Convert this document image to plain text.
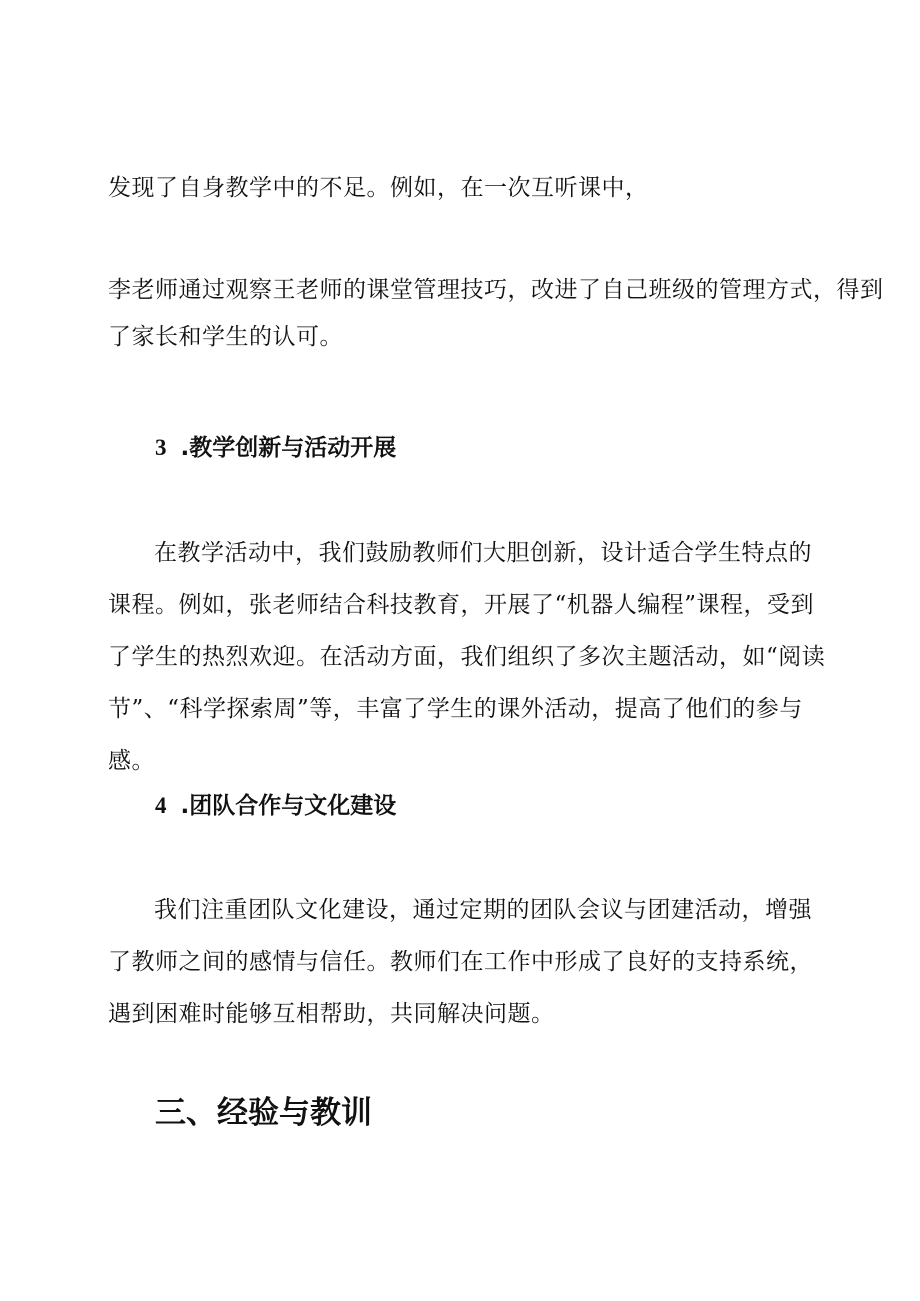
发现了自身教学中的不足。例如，在一次互听课中，

李老师通过观察王老师的课堂管理技巧，改进了自己班级的管理方式，得到

了家长和学生的认可。

3 .教学创新与活动开展

在教学活动中，我们鼓励教师们大胆创新，设计适合学生特点的课程。例如，张老师结合科技教育，开展了“机器人编程”课程，受到了学生的热烈欢迎。在活动方面，我们组织了多次主题活动，如“阅读节”、“科学探索周”等，丰富了学生的课外活动，提高了他们的参与感。

4 .团队合作与文化建设

我们注重团队文化建设，通过定期的团队会议与团建活动，增强了教师之间的感情与信任。教师们在工作中形成了良好的支持系统，遇到困难时能够互相帮助，共同解决问题。

三、经验与教训
